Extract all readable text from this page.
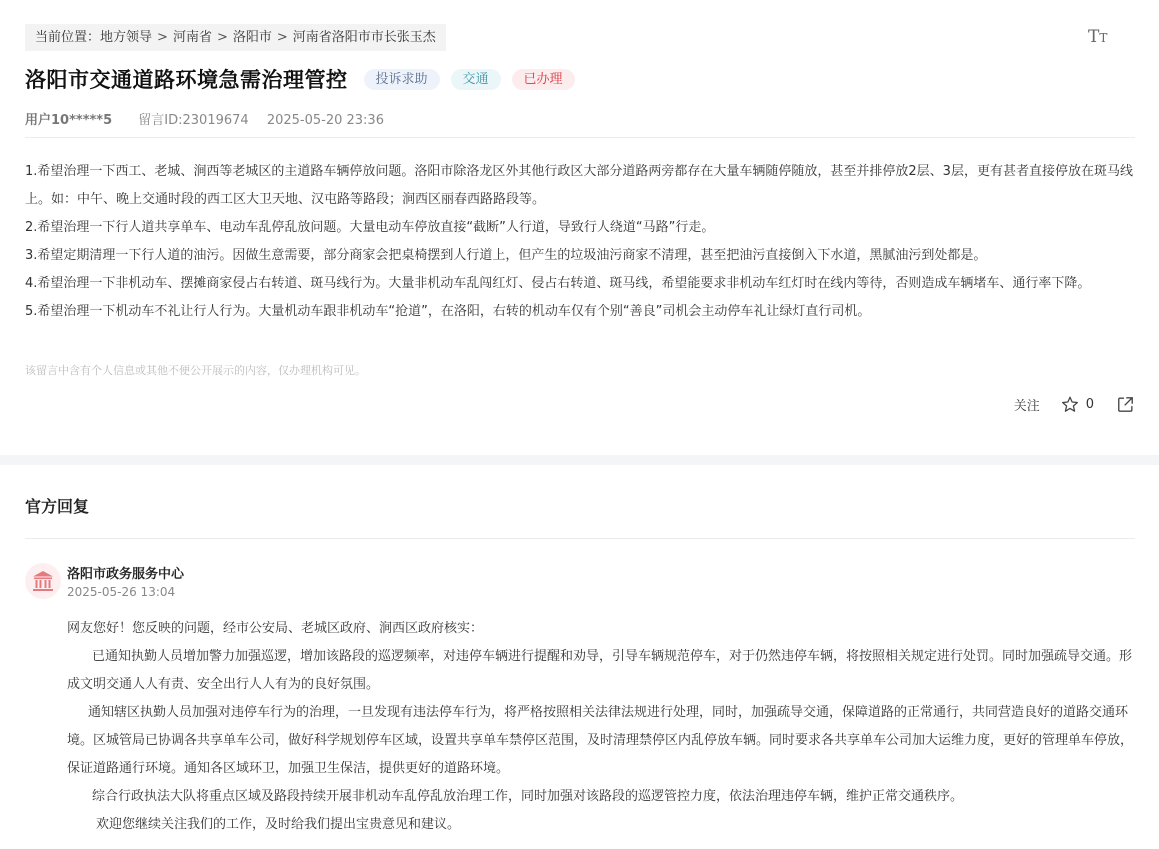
当前位置：地方领导 > 河南省 > 洛阳市 > 河南省洛阳市市长张玉杰	TT
洛阳市交通道路环境急需治理管控	投诉求助	交通	已办理
用户10*****5 留言ID:23019674 2025-05-20 23:36

1.希望治理一下西工、老城、涧西等老城区的主道路车辆停放问题。洛阳市除洛龙区外其他行政区大部分道路两旁都存在大量车辆随停随放，甚至并排停放2层、3层，更有甚者直接停放在斑马线上。如：中午、晚上交通时段的西工区大卫天地、汉屯路等路段；涧西区丽春西路路段等。

2.希望治理一下行人道共享单车、电动车乱停乱放问题。大量电动车停放直接“截断”人行道，导致行人绕道“马路”行走。

3.希望定期清理一下行人道的油污。因做生意需要，部分商家会把桌椅摆到人行道上，但产生的垃圾油污商家不清理，甚至把油污直接倒入下水道，黑腻油污到处都是。

4.希望治理一下非机动车、摆摊商家侵占右转道、斑马线行为。大量非机动车乱闯红灯、侵占右转道、斑马线，希望能要求非机动车红灯时在线内等待，否则造成车辆堵车、通行率下降。

5.希望治理一下机动车不礼让行人行为。大量机动车跟非机动车“抢道”，在洛阳，右转的机动车仅有个别“善良”司机会主动停车礼让绿灯直行司机。

该留言中含有个人信息或其他不便公开展示的内容，仅办理机构可见。
关注	0
官方回复
洛阳市政务服务中心
2025-05-26 13:04

网友您好！您反映的问题，经市公安局、老城区政府、涧西区政府核实：

已通知执勤人员增加警力加强巡逻，增加该路段的巡逻频率，对违停车辆进行提醒和劝导，引导车辆规范停车，对于仍然违停车辆，将按照相关规定进行处罚。同时加强疏导交通。形成文明交通人人有责、安全出行人人有为的良好氛围。

通知辖区执勤人员加强对违停车行为的治理，一旦发现有违法停车行为，将严格按照相关法律法规进行处理，同时，加强疏导交通，保障道路的正常通行，共同营造良好的道路交通环境。区城管局已协调各共享单车公司，做好科学规划停车区域，设置共享单车禁停区范围，及时清理禁停区内乱停放车辆。同时要求各共享单车公司加大运维力度，更好的管理单车停放，保证道路通行环境。通知各区域环卫，加强卫生保洁，提供更好的道路环境。

综合行政执法大队将重点区域及路段持续开展非机动车乱停乱放治理工作，同时加强对该路段的巡逻管控力度，依法治理违停车辆，维护正常交通秩序。

欢迎您继续关注我们的工作，及时给我们提出宝贵意见和建议。
